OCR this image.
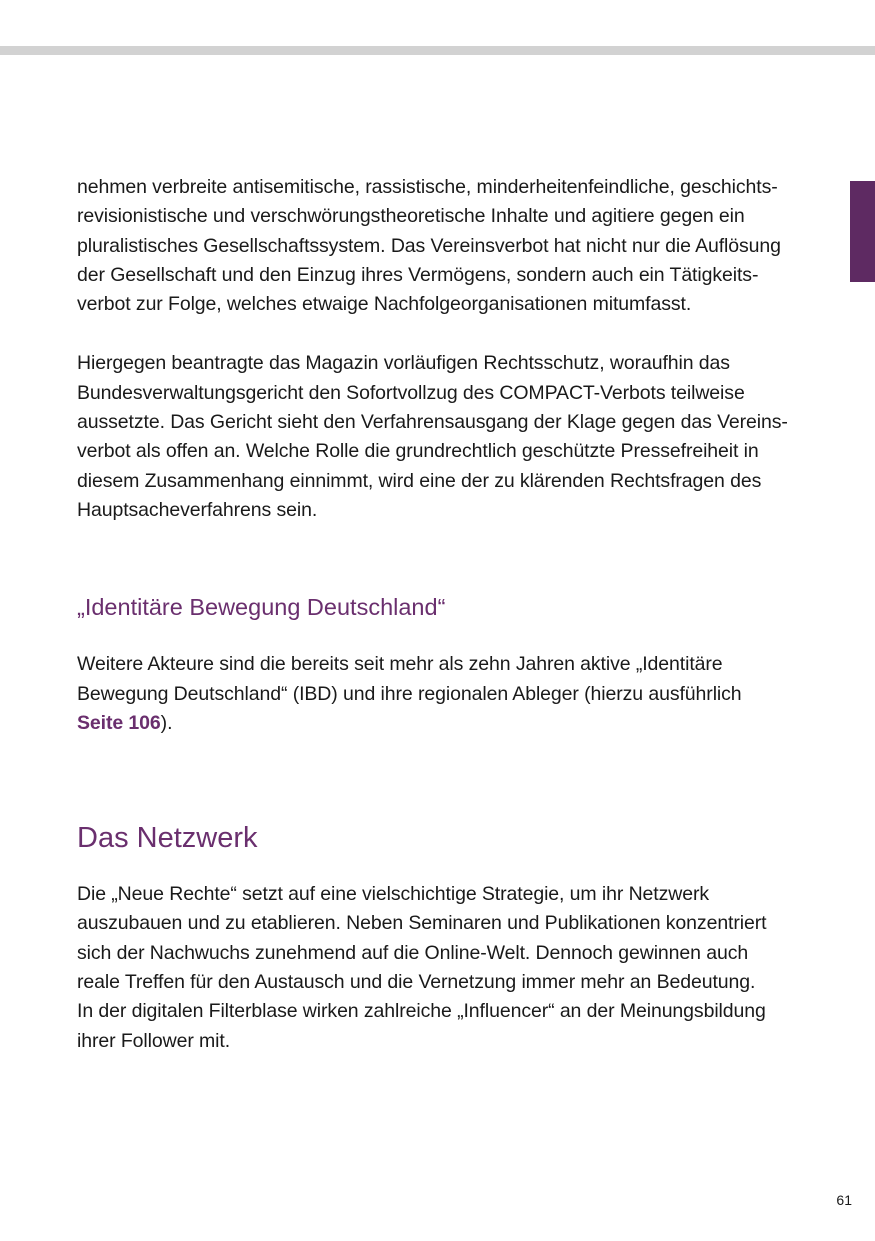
nehmen verbreite antisemitische, rassistische, minderheitenfeindliche, geschichts-
revisionistische und verschwörungstheoretische Inhalte und agitiere gegen ein
pluralistisches Gesellschaftssystem. Das Vereinsverbot hat nicht nur die Auflösung
der Gesellschaft und den Einzug ihres Vermögens, sondern auch ein Tätigkeits-
verbot zur Folge, welches etwaige Nachfolgeorganisationen mitumfasst.

Hiergegen beantragte das Magazin vorläufigen Rechtsschutz, woraufhin das
Bundesverwaltungsgericht den Sofortvollzug des COMPACT-Verbots teilweise
aussetzte. Das Gericht sieht den Verfahrensausgang der Klage gegen das Vereins-
verbot als offen an. Welche Rolle die grundrechtlich geschützte Pressefreiheit in
diesem Zusammenhang einnimmt, wird eine der zu klärenden Rechtsfragen des
Hauptsacheverfahrens sein.

„Identitäre Bewegung Deutschland“

Weitere Akteure sind die bereits seit mehr als zehn Jahren aktive „Identitäre
Bewegung Deutschland“ (IBD) und ihre regionalen Ableger (hierzu ausführlich
Seite 106).

Das Netzwerk

Die „Neue Rechte“ setzt auf eine vielschichtige Strategie, um ihr Netzwerk
auszubauen und zu etablieren. Neben Seminaren und Publikationen konzentriert
sich der Nachwuchs zunehmend auf die Online-Welt. Dennoch gewinnen auch
reale Treffen für den Austausch und die Vernetzung immer mehr an Bedeutung.
In der digitalen Filterblase wirken zahlreiche „Influencer“ an der Meinungsbildung
ihrer Follower mit.

61
